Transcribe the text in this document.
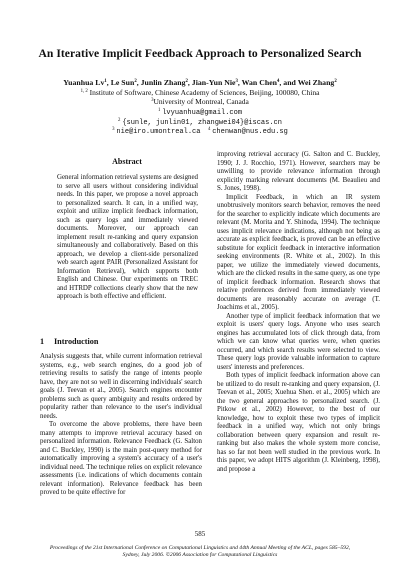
An Iterative Implicit Feedback Approach to Personalized Search
Yuanhua Lv$^1$, Le Sun$^2$, Junlin Zhang$^2$, Jian-Yun Nie$^3$, Wan Chen$^4$, and Wei Zhang$^2$
$^{1, 2}$ Institute of Software, Chinese Academy of Sciences, Beijing, 100080, China
$^3$University of Montreal, Canada
$^1$ lvyuanhua@gmail.com
$^2$ {sunle, junlin01, zhangwei04}@iscas.cn
$^3$ nie@iro.umontreal.ca $^4$ chenwan@nus.edu.sg
Abstract

General information retrieval systems are designed to serve all users without considering individual needs. In this paper, we propose a novel approach to personalized search. It can, in a unified way, exploit and utilize implicit feedback information, such as query logs and immediately viewed documents. Moreover, our approach can implement result re-ranking and query expansion simultaneously and collaboratively. Based on this approach, we develop a client-side personalized web search agent PAIR (Personalized Assistant for Information Retrieval), which supports both English and Chinese. Our experiments on TREC and HTRDP collections clearly show that the new approach is both effective and efficient.

1 Introduction

Analysis suggests that, while current information retrieval systems, e.g., web search engines, do a good job of retrieving results to satisfy the range of intents people have, they are not so well in discerning individuals' search goals (J. Teevan et al., 2005). Search engines encounter problems such as query ambiguity and results ordered by popularity rather than relevance to the user's individual needs.

To overcome the above problems, there have been many attempts to improve retrieval accuracy based on personalized information. Relevance Feedback (G. Salton and C. Buckley, 1990) is the main post-query method for automatically improving a system's accuracy of a user's individual need. The technique relies on explicit relevance assessments (i.e. indications of which documents contain relevant information). Relevance feedback has been proved to be quite effective for

improving retrieval accuracy (G. Salton and C. Buckley, 1990; J. J. Rocchio, 1971). However, searchers may be unwilling to provide relevance information through explicitly marking relevant documents (M. Beaulieu and S. Jones, 1998).

Implicit Feedback, in which an IR system unobtrusively monitors search behavior, removes the need for the searcher to explicitly indicate which documents are relevant (M. Morita and Y. Shinoda, 1994). The technique uses implicit relevance indications, although not being as accurate as explicit feedback, is proved can be an effective substitute for explicit feedback in interactive information seeking environments (R. White et al., 2002). In this paper, we utilize the immediately viewed documents, which are the clicked results in the same query, as one type of implicit feedback information. Research shows that relative preferences derived from immediately viewed documents are reasonably accurate on average (T. Joachims et al., 2005).

Another type of implicit feedback information that we exploit is users' query logs. Anyone who uses search engines has accumulated lots of click through data, from which we can know what queries were, when queries occurred, and which search results were selected to view. These query logs provide valuable information to capture users' interests and preferences.

Both types of implicit feedback information above can be utilized to do result re-ranking and query expansion, (J. Teevan et al., 2005; Xuehua Shen. et al., 2005) which are the two general approaches to personalized search. (J. Pitkow et al., 2002) However, to the best of our knowledge, how to exploit these two types of implicit feedback in a unified way, which not only brings collaboration between query expansion and result re-ranking but also makes the whole system more concise, has so far not been well studied in the previous work. In this paper, we adopt HITS algorithm (J. Kleinberg, 1998), and propose a

585
Proceedings of the 21st International Conference on Computational Linguistics and 44th Annual Meeting of the ACL, pages 585–592,
Sydney, July 2006. ©2006 Association for Computational Linguistics
